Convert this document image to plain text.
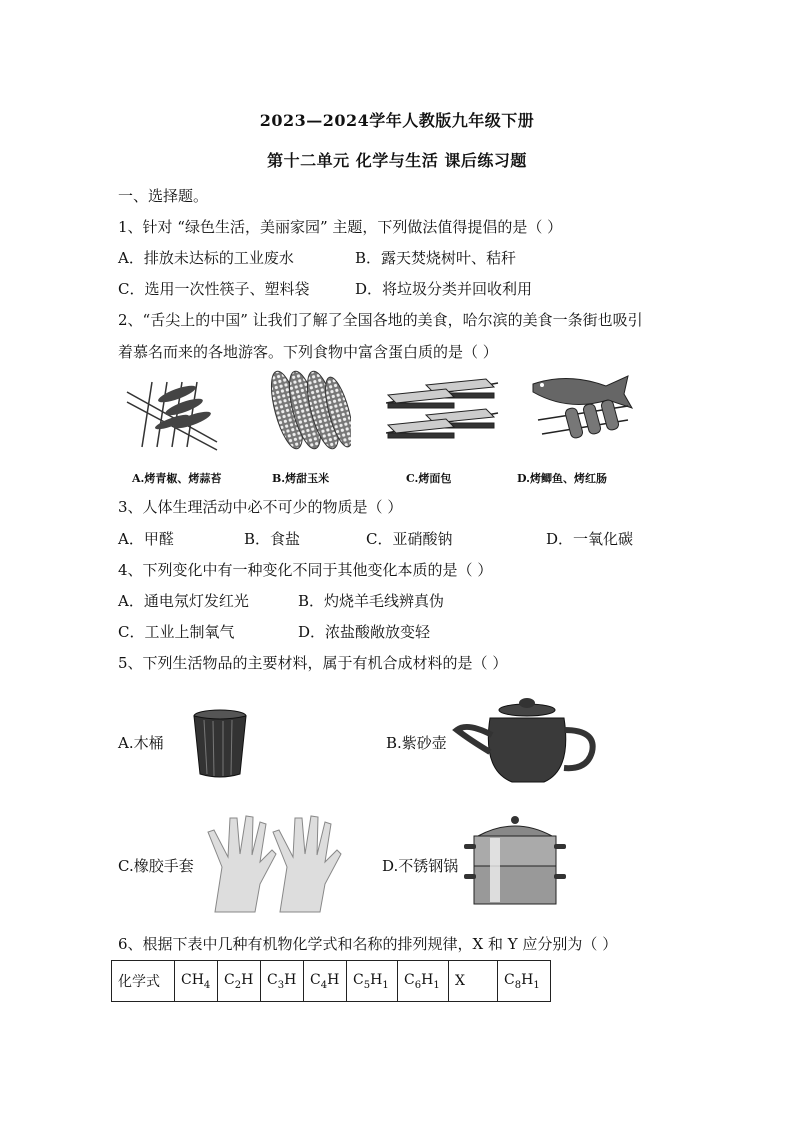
2023—2024学年人教版九年级下册
第十二单元 化学与生活 课后练习题
一、选择题。
1、针对 “绿色生活，美丽家园” 主题，下列做法值得提倡的是（ ）
A．排放未达标的工业废水	B．露天焚烧树叶、秸秆
C．选用一次性筷子、塑料袋	D．将垃圾分类并回收利用
2、“舌尖上的中国” 让我们了解了全国各地的美食，哈尔滨的美食一条街也吸引
着慕名而来的各地游客。下列食物中富含蛋白质的是（ ）
A.烤青椒、烤蒜苔	B.烤甜玉米	C.烤面包	D.烤鲫鱼、烤红肠
3、人体生理活动中必不可少的物质是（ ）
A．甲醛	B．食盐	C．亚硝酸钠	D．一氧化碳
4、下列变化中有一种变化不同于其他变化本质的是（ ）
A．通电氖灯发红光	B．灼烧羊毛线辨真伪
C．工业上制氧气	D．浓盐酸敞放变轻
5、下列生活物品的主要材料，属于有机合成材料的是（ ）
A.木桶	B.紫砂壶
C.橡胶手套	D.不锈钢锅
6、根据下表中几种有机物化学式和名称的排列规律，X 和 Y 应分别为（ ）
化学式	$CH_4$	$C_2H$	$C_3H$	$C_4H$	$C_5H_1$	$C_6H_1$	X	$C_8H_1$
